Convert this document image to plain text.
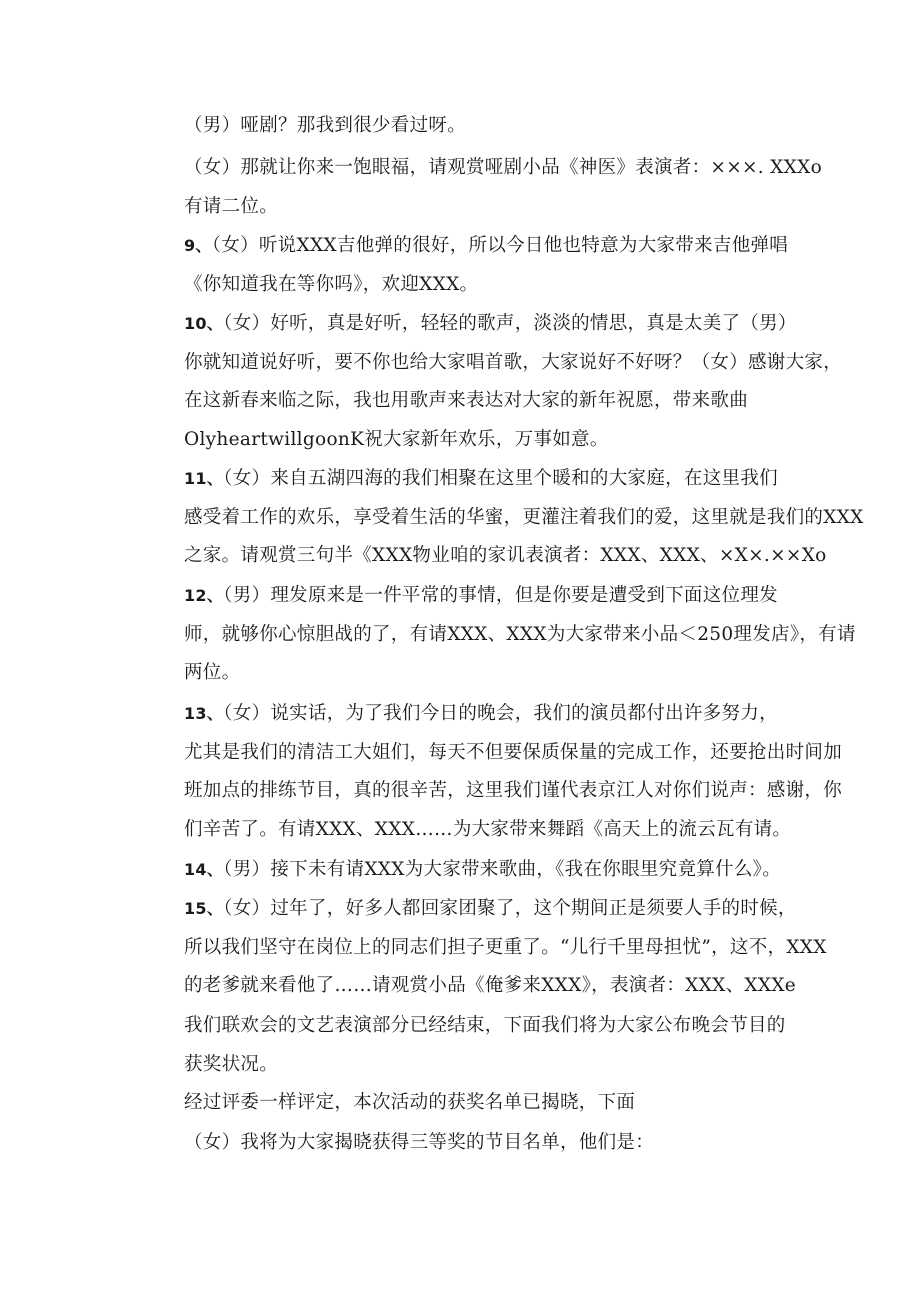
（男）哑剧？那我到很少看过呀。
（女）那就让你来一饱眼福，请观赏哑剧小品《神医》表演者：×××. XXXo
有请二位。
9、（女）听说XXX吉他弹的很好，所以今日他也特意为大家带来吉他弹唱
《你知道我在等你吗》，欢迎XXX。
10、（女）好听，真是好听，轻轻的歌声，淡淡的情思，真是太美了（男）
你就知道说好听，要不你也给大家唱首歌，大家说好不好呀？（女）感谢大家，
在这新春来临之际，我也用歌声来表达对大家的新年祝愿，带来歌曲
OlyheartwillgoonK祝大家新年欢乐，万事如意。
11、（女）来自五湖四海的我们相聚在这里个暖和的大家庭，在这里我们
感受着工作的欢乐，享受着生活的华蜜，更灌注着我们的爱，这里就是我们的XXX
之家。请观赏三句半《XXX物业咱的家讥表演者：XXX、XXX、×X×.××Xo
12、（男）理发原来是一件平常的事情，但是你要是遭受到下面这位理发
师，就够你心惊胆战的了，有请XXX、XXX为大家带来小品＜250理发店》，有请
两位。
13、（女）说实话，为了我们今日的晚会，我们的演员都付出许多努力，
尤其是我们的清洁工大姐们，每天不但要保质保量的完成工作，还要抢出时间加
班加点的排练节目，真的很辛苦，这里我们谨代表京江人对你们说声：感谢，你
们辛苦了。有请XXX、XXX……为大家带来舞蹈《高天上的流云瓦有请。
14、（男）接下未有请XXX为大家带来歌曲，《我在你眼里究竟算什么》。
15、（女）过年了，好多人都回家团聚了，这个期间正是须要人手的时候，
所以我们坚守在岗位上的同志们担子更重了。“儿行千里母担忧”，这不，XXX
的老爹就来看他了……请观赏小品《俺爹来XXX》，表演者：XXX、XXXe
我们联欢会的文艺表演部分已经结束，下面我们将为大家公布晚会节目的
获奖状况。
经过评委一样评定，本次活动的获奖名单已揭晓，下面
（女）我将为大家揭晓获得三等奖的节目名单，他们是：
